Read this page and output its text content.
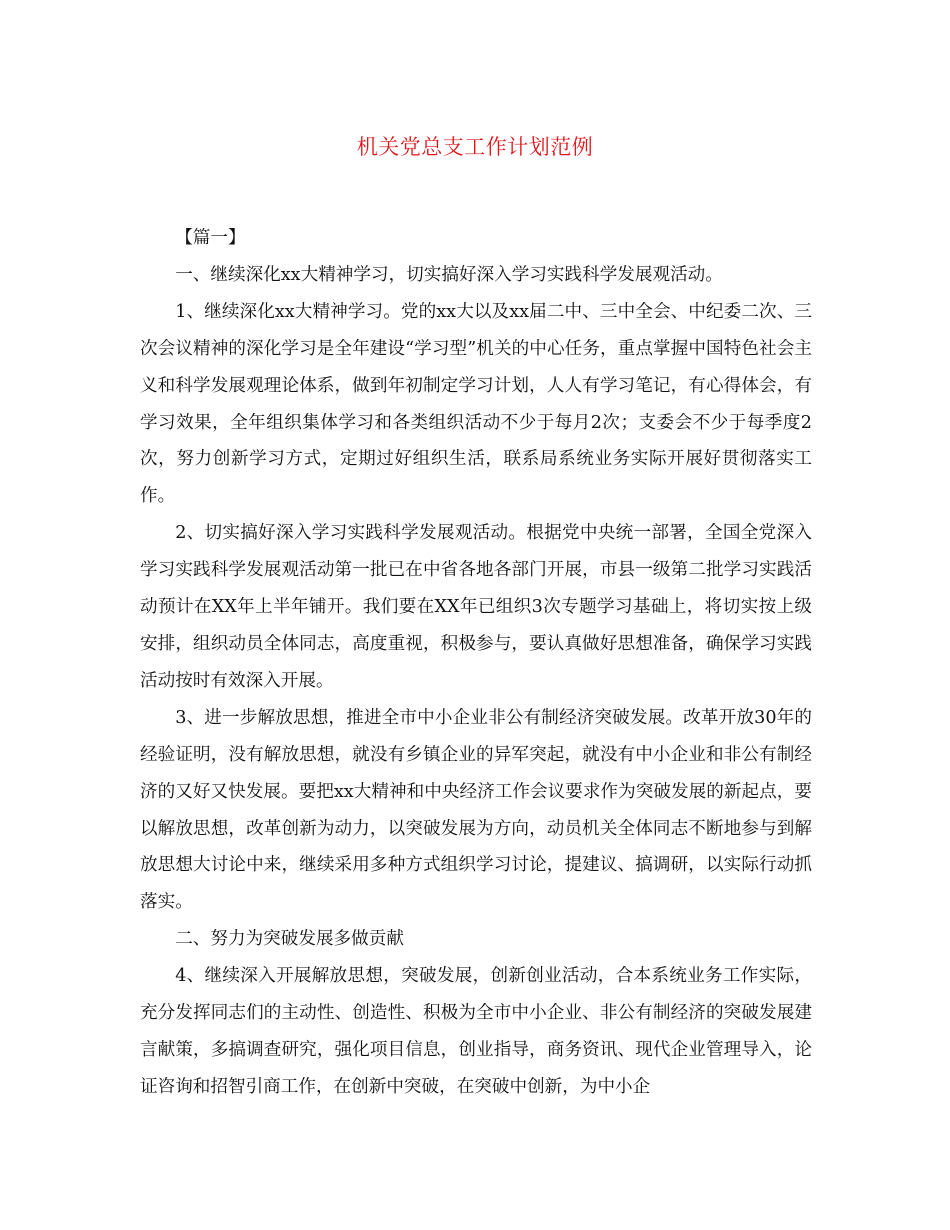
机关党总支工作计划范例

【篇一】

一、继续深化xx大精神学习，切实搞好深入学习实践科学发展观活动。

1、继续深化xx大精神学习。党的xx大以及xx届二中、三中全会、中纪委二次、三次会议精神的深化学习是全年建设“学习型”机关的中心任务，重点掌握中国特色社会主义和科学发展观理论体系，做到年初制定学习计划，人人有学习笔记，有心得体会，有学习效果，全年组织集体学习和各类组织活动不少于每月2次；支委会不少于每季度2次，努力创新学习方式，定期过好组织生活，联系局系统业务实际开展好贯彻落实工作。

2、切实搞好深入学习实践科学发展观活动。根据党中央统一部署，全国全党深入学习实践科学发展观活动第一批已在中省各地各部门开展，市县一级第二批学习实践活动预计在XX年上半年铺开。我们要在XX年已组织3次专题学习基础上，将切实按上级安排，组织动员全体同志，高度重视，积极参与，要认真做好思想准备，确保学习实践活动按时有效深入开展。

3、进一步解放思想，推进全市中小企业非公有制经济突破发展。改革开放30年的经验证明，没有解放思想，就没有乡镇企业的异军突起，就没有中小企业和非公有制经济的又好又快发展。要把xx大精神和中央经济工作会议要求作为突破发展的新起点，要以解放思想，改革创新为动力，以突破发展为方向，动员机关全体同志不断地参与到解放思想大讨论中来，继续采用多种方式组织学习讨论，提建议、搞调研，以实际行动抓落实。

二、努力为突破发展多做贡献

4、继续深入开展解放思想，突破发展，创新创业活动，合本系统业务工作实际，充分发挥同志们的主动性、创造性、积极为全市中小企业、非公有制经济的突破发展建言献策，多搞调查研究，强化项目信息，创业指导，商务资讯、现代企业管理导入，论证咨询和招智引商工作，在创新中突破，在突破中创新，为中小企
